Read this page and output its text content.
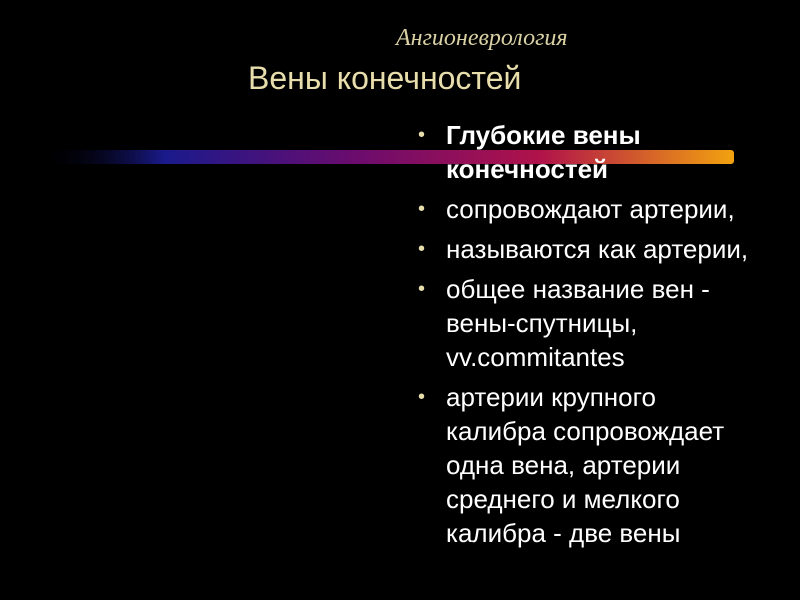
Ангионеврология
Вены конечностей
• Глубокие вены
конечностей
• сопровождают артерии,
• называются как артерии,
• общее название вен -
вены-спутницы,
vv.commitantes
• артерии крупного
калибра сопровождает
одна вена, артерии
среднего и мелкого
калибра - две вены
